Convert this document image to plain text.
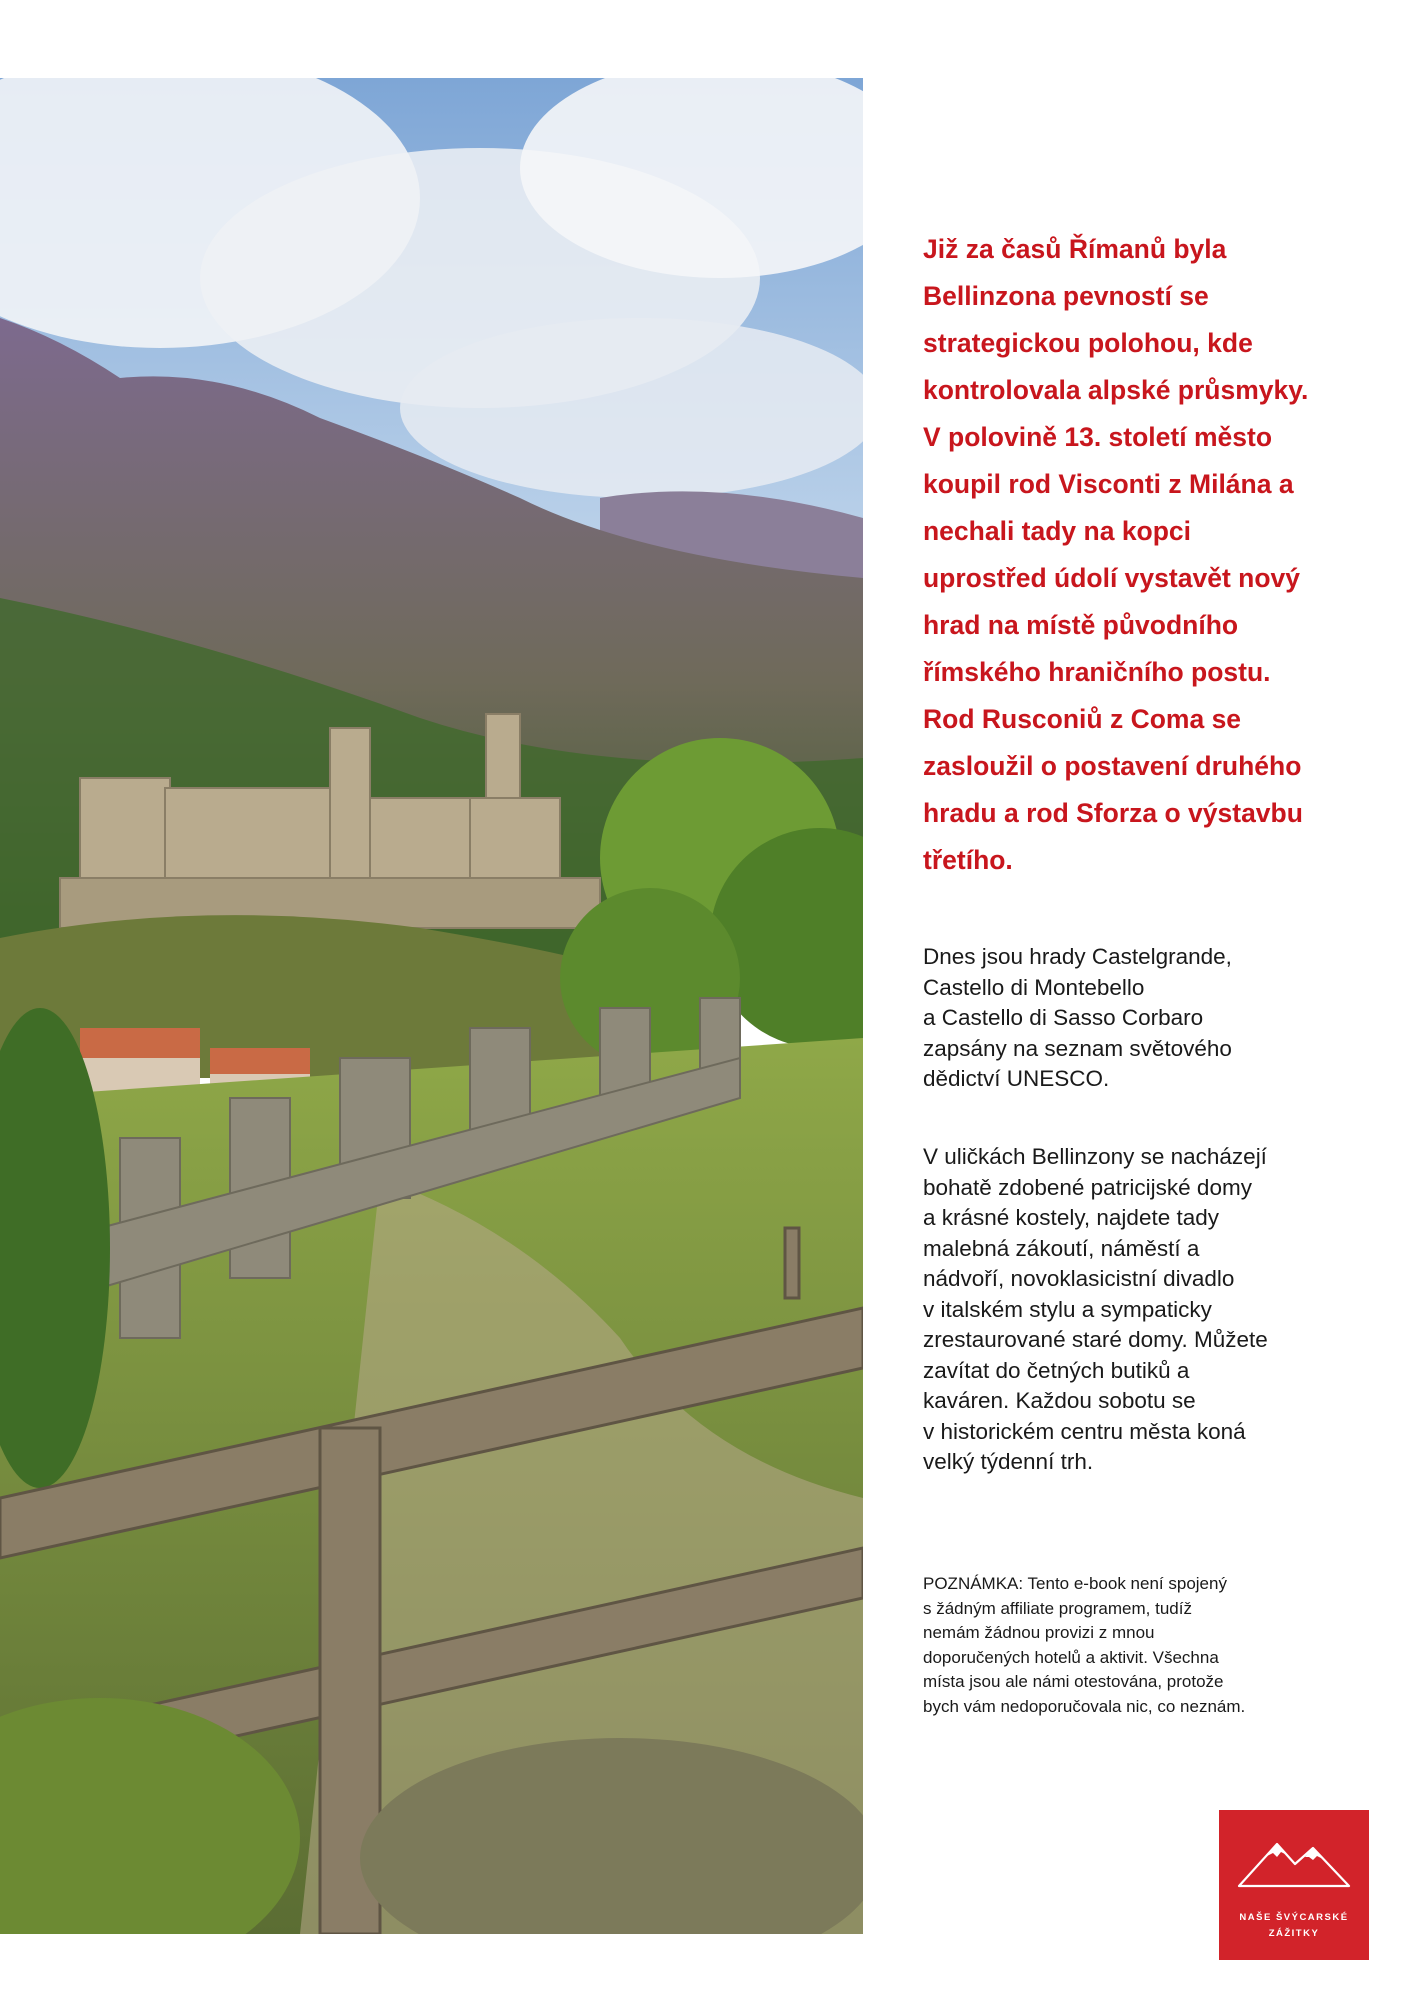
Již za časů Římanů byla
Bellinzona pevností se
strategickou polohou, kde
kontrolovala alpské průsmyky.
V polovině 13. století město
koupil rod Visconti z Milána a
nechali tady na kopci
uprostřed údolí vystavět nový
hrad na místě původního
římského hraničního postu.
Rod Rusconiů z Coma se
zasloužil o postavení druhého
hradu a rod Sforza o výstavbu
třetího.

Dnes jsou hrady Castelgrande,
Castello di Montebello
a Castello di Sasso Corbaro
zapsány na seznam světového
dědictví UNESCO.

V uličkách Bellinzony se nacházejí
bohatě zdobené patricijské domy
a krásné kostely, najdete tady
malebná zákoutí, náměstí a
nádvoří, novoklasicistní divadlo
v italském stylu a sympaticky
zrestaurované staré domy. Můžete
zavítat do četných butiků a
kaváren. Každou sobotu se
v historickém centru města koná
velký týdenní trh.

POZNÁMKA: Tento e-book není spojený
s žádným affiliate programem, tudíž
nemám žádnou provizi z mnou
doporučených hotelů a aktivit. Všechna
místa jsou ale námi otestována, protože
bych vám nedoporučovala nic, co neznám.

NAŠE ŠVÝCARSKÉ
ZÁŽITKY
